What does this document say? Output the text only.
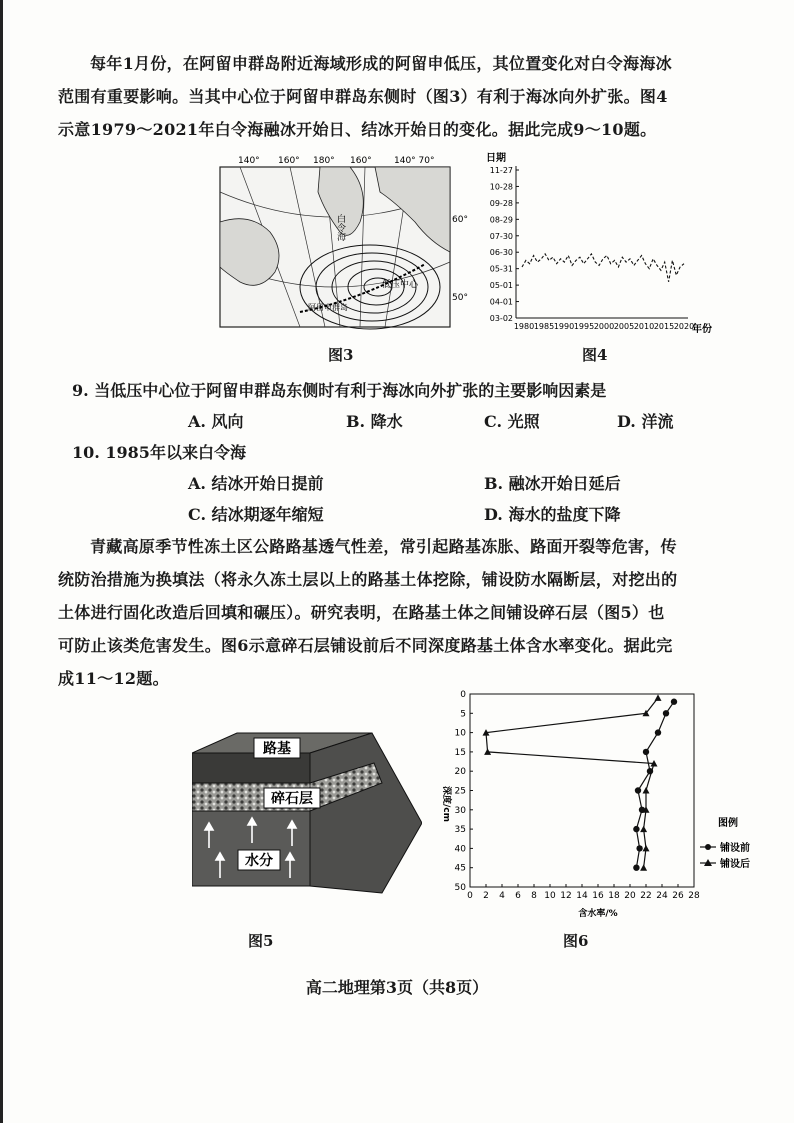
每年1月份，在阿留申群岛附近海域形成的阿留申低压，其位置变化对白令海海冰
范围有重要影响。当其中心位于阿留申群岛东侧时（图3）有利于海冰向外扩张。图4
示意1979～2021年白令海融冰开始日、结冰开始日的变化。据此完成9～10题。
140° 160° 180° 160° 140° 70°
60°
50°
白令海
低压中心
阿留申群岛
图3
日期
年份
11-27
10-28
09-28
08-29
07-30
06-30
05-31
05-01
04-01
03-02
1980 1985 1990 1995 2000 2005 2010 2015 2020
图4
9. 当低压中心位于阿留申群岛东侧时有利于海冰向外扩张的主要影响因素是
A. 风向	B. 降水	C. 光照	D. 洋流
10. 1985年以来白令海
A. 结冰开始日提前	B. 融冰开始日延后
C. 结冰期逐年缩短	D. 海水的盐度下降
青藏高原季节性冻土区公路路基透气性差，常引起路基冻胀、路面开裂等危害，传
统防治措施为换填法（将永久冻土层以上的路基土体挖除，铺设防水隔断层，对挖出的
土体进行固化改造后回填和碾压）。研究表明，在路基土体之间铺设碎石层（图5）也
可防止该类危害发生。图6示意碎石层铺设前后不同深度路基土体含水率变化。据此完
成11～12题。
路基
碎石层
水分
图5
深度/cm
含水率/%
0 2 4 6 8 10 12 14 16 18 20 22 24 26 28
0
5
10
15
20
25
30
35
40
45
50
图例
铺设前
铺设后
图6
高二地理第3页（共8页）
